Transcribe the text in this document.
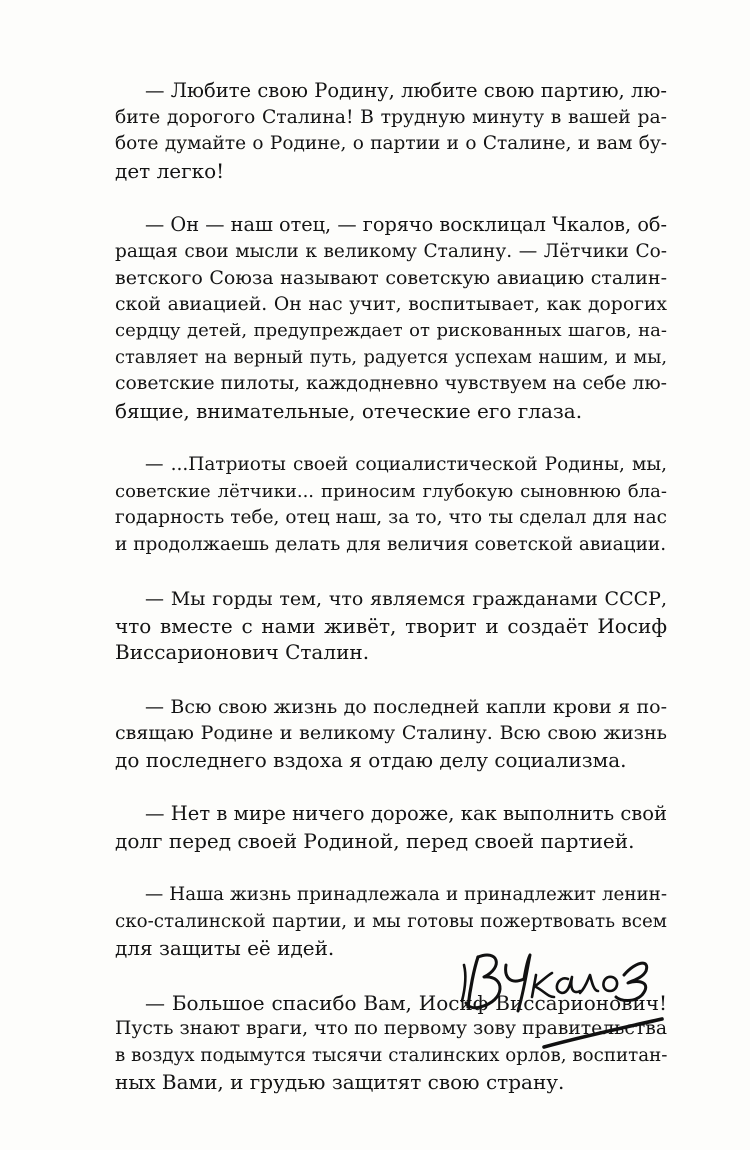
— Любите свою Родину, любите свою партию, лю-
бите дорогого Сталина! В трудную минуту в вашей ра-
боте думайте о Родине, о партии и о Сталине, и вам бу-
дет легко!
— Он — наш отец, — горячо восклицал Чкалов, об-
ращая свои мысли к великому Сталину. — Лётчики Со-
ветского Союза называют советскую авиацию сталин-
ской авиацией. Он нас учит, воспитывает, как дорогих
сердцу детей, предупреждает от рискованных шагов, на-
ставляет на верный путь, радуется успехам нашим, и мы,
советские пилоты, каждодневно чувствуем на себе лю-
бящие, внимательные, отеческие его глаза.
— ...Патриоты своей социалистической Родины, мы,
советские лётчики... приносим глубокую сыновнюю бла-
годарность тебе, отец наш, за то, что ты сделал для нас
и продолжаешь делать для величия советской авиации.
— Мы горды тем, что являемся гражданами СССР,
что вместе с нами живёт, творит и создаёт Иосиф
Виссарионович Сталин.
— Всю свою жизнь до последней капли крови я по-
свящаю Родине и великому Сталину. Всю свою жизнь
до последнего вздоха я отдаю делу социализма.
— Нет в мире ничего дороже, как выполнить свой
долг перед своей Родиной, перед своей партией.
— Наша жизнь принадлежала и принадлежит ленин-
ско-сталинской партии, и мы готовы пожертвовать всем
для защиты её идей.
— Большое спасибо Вам, Иосиф Виссарионович!
Пусть знают враги, что по первому зову правительства
в воздух подымутся тысячи сталинских орлов, воспитан-
ных Вами, и грудью защитят свою страну.
